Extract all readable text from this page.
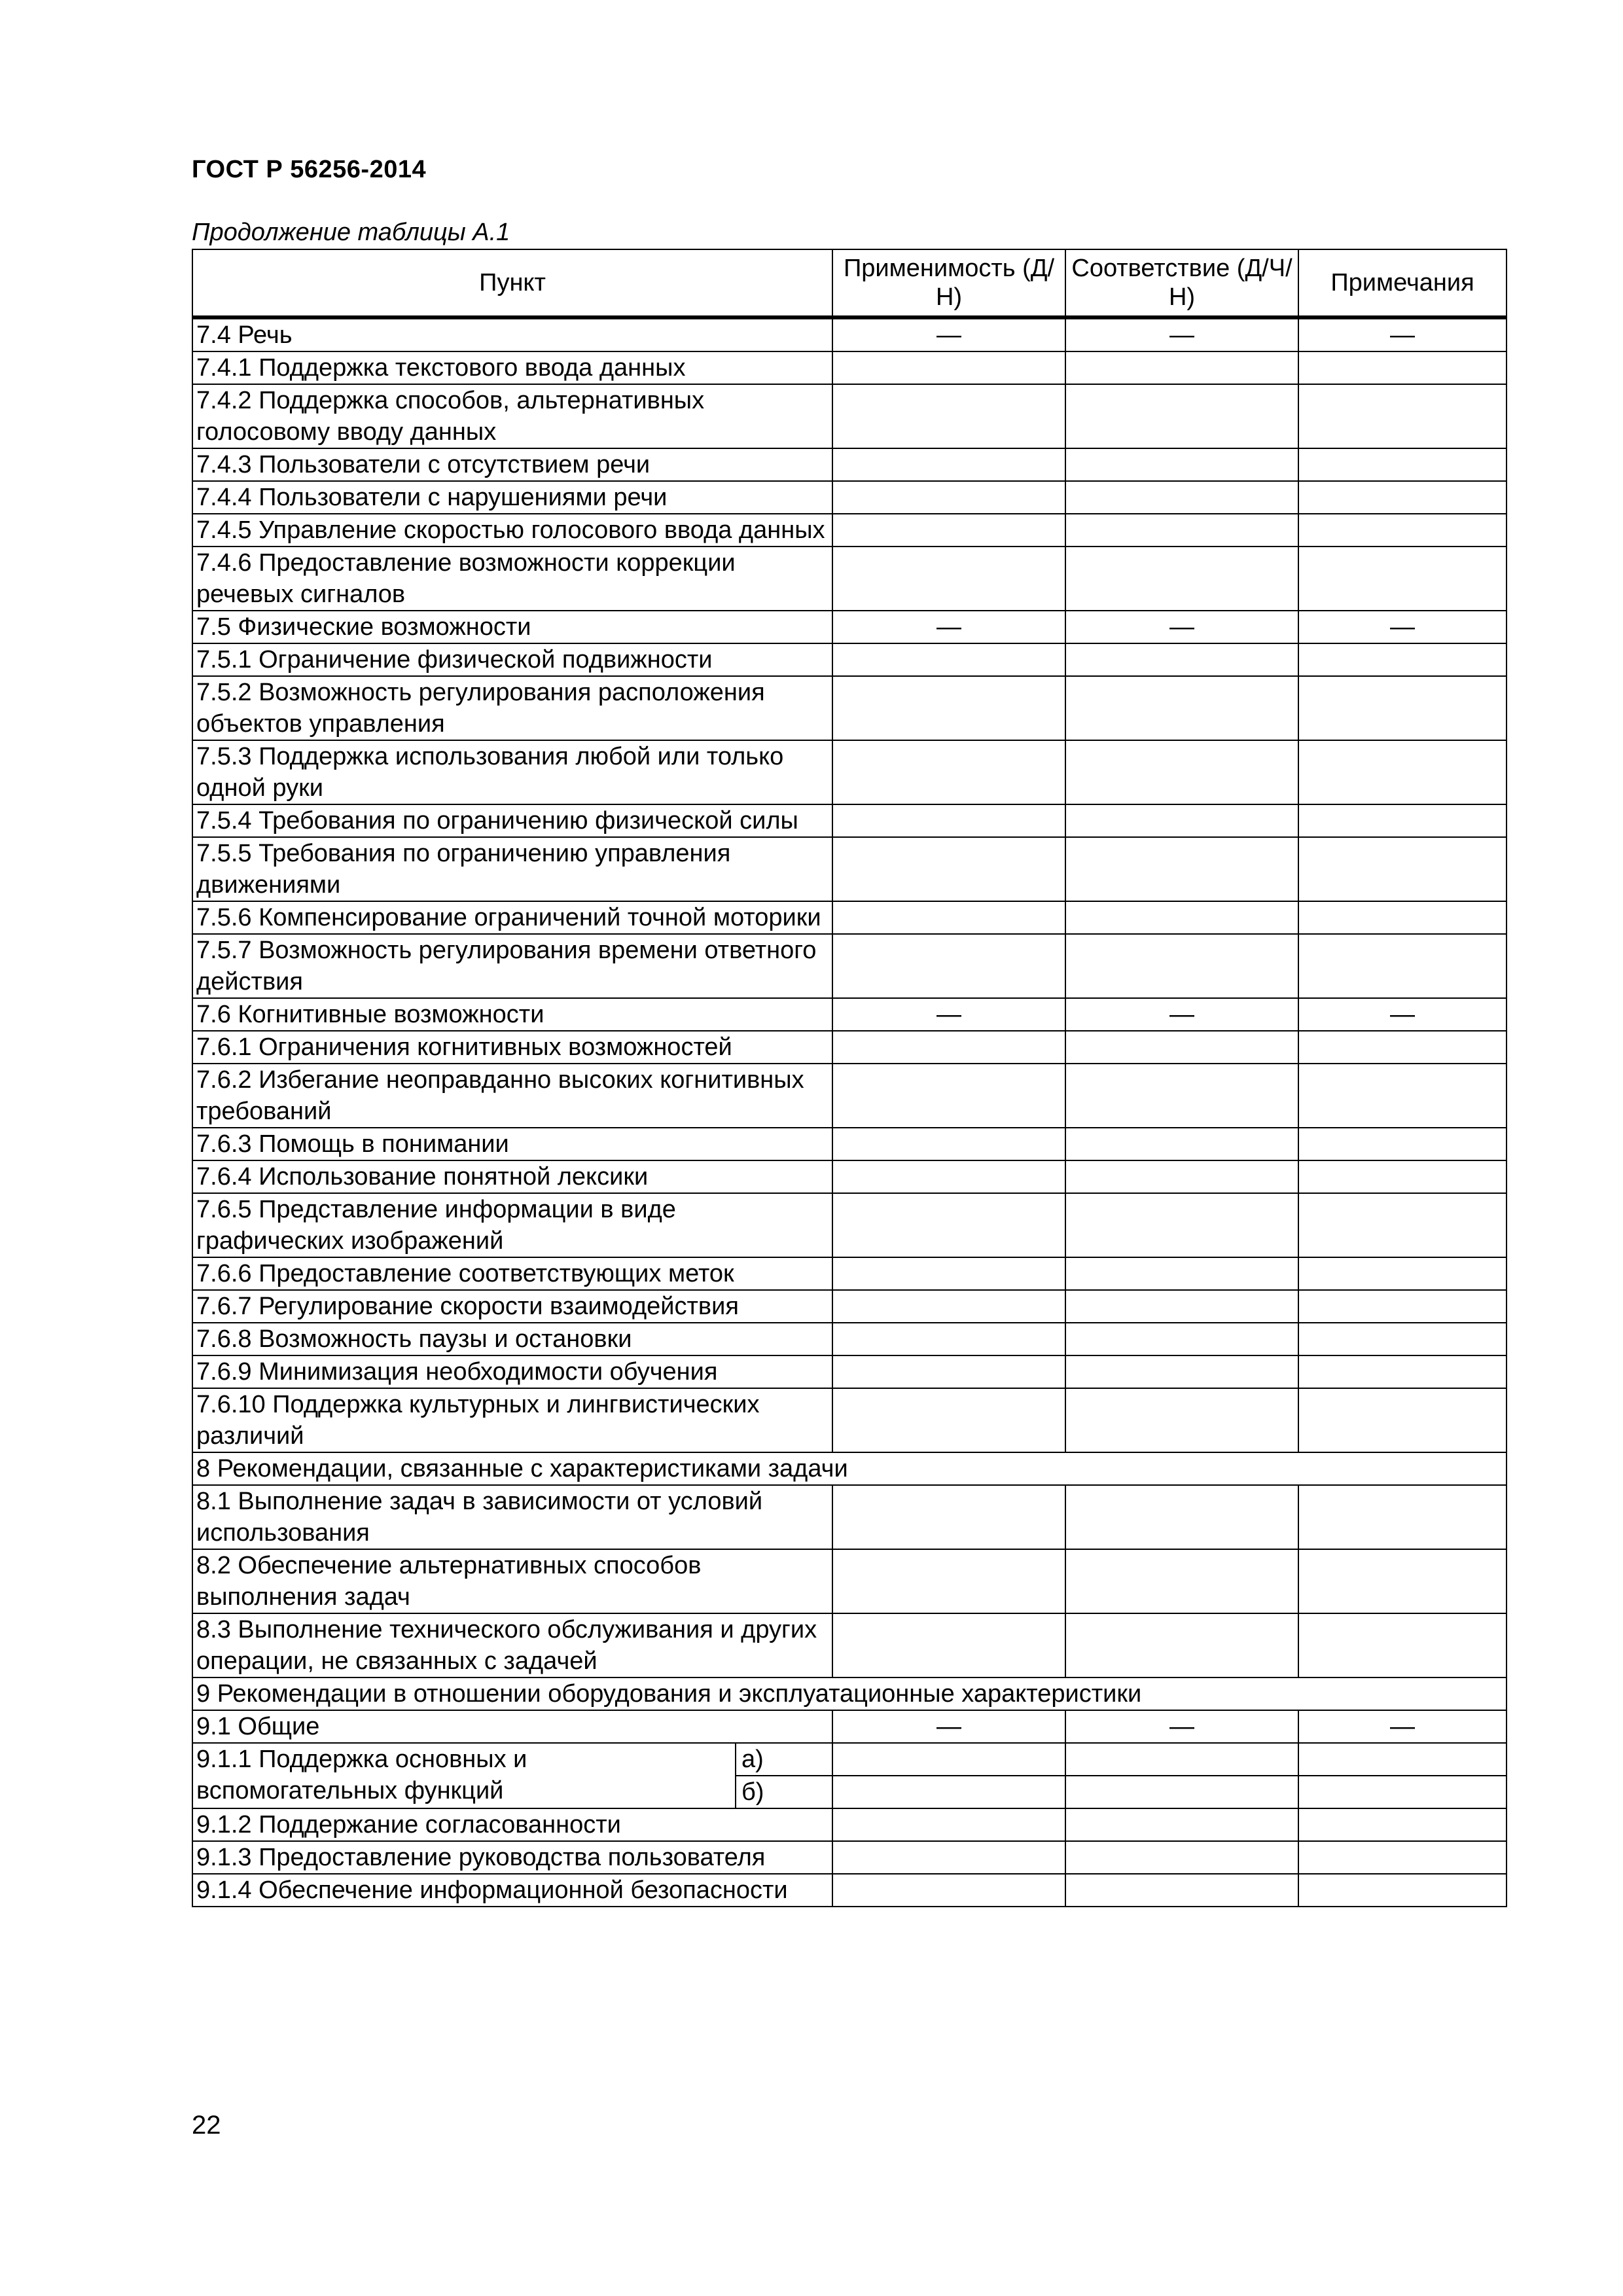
ГОСТ Р 56256-2014
Продолжение таблицы А.1
Пункт		Применимость (Д/Н)	Соответствие (Д/Ч/Н)	Примечания
7.4 Речь		—	—	—
7.4.1 Поддержка текстового ввода данных				
7.4.2 Поддержка способов, альтернативных голосовому вводу данных				
7.4.3 Пользователи с отсутствием речи				
7.4.4 Пользователи с нарушениями речи				
7.4.5 Управление скоростью голосового ввода данных				
7.4.6 Предоставление возможности коррекции речевых сигналов				
7.5 Физические возможности		—	—	—
7.5.1 Ограничение физической подвижности				
7.5.2 Возможность регулирования расположения объектов управления				
7.5.3 Поддержка использования любой или только одной руки				
7.5.4 Требования по ограничению физической силы				
7.5.5 Требования по ограничению управления движениями				
7.5.6 Компенсирование ограничений точной моторики				
7.5.7 Возможность регулирования времени ответного действия				
7.6 Когнитивные возможности		—	—	—
7.6.1 Ограничения когнитивных возможностей				
7.6.2 Избегание неоправданно высоких когнитивных требований				
7.6.3 Помощь в понимании				
7.6.4 Использование понятной лексики				
7.6.5 Представление информации в виде графических изображений				
7.6.6 Предоставление соответствующих меток				
7.6.7 Регулирование скорости взаимодействия				
7.6.8 Возможность паузы и остановки				
7.6.9 Минимизация необходимости обучения				
7.6.10 Поддержка культурных и лингвистических различий				
8 Рекомендации, связанные с характеристиками задачи				
8.1 Выполнение задач в зависимости от условий использования				
8.2 Обеспечение альтернативных способов выполнения задач				
8.3 Выполнение технического обслуживания и других операции, не связанных с задачей				
9 Рекомендации в отношении оборудования и эксплуатационные характеристики				
9.1 Общие		—	—	—
9.1.1 Поддержка основных и вспомогательных функций	а)			
	б)			
9.1.2 Поддержание согласованности				
9.1.3 Предоставление руководства пользователя				
9.1.4 Обеспечение информационной безопасности				
22
